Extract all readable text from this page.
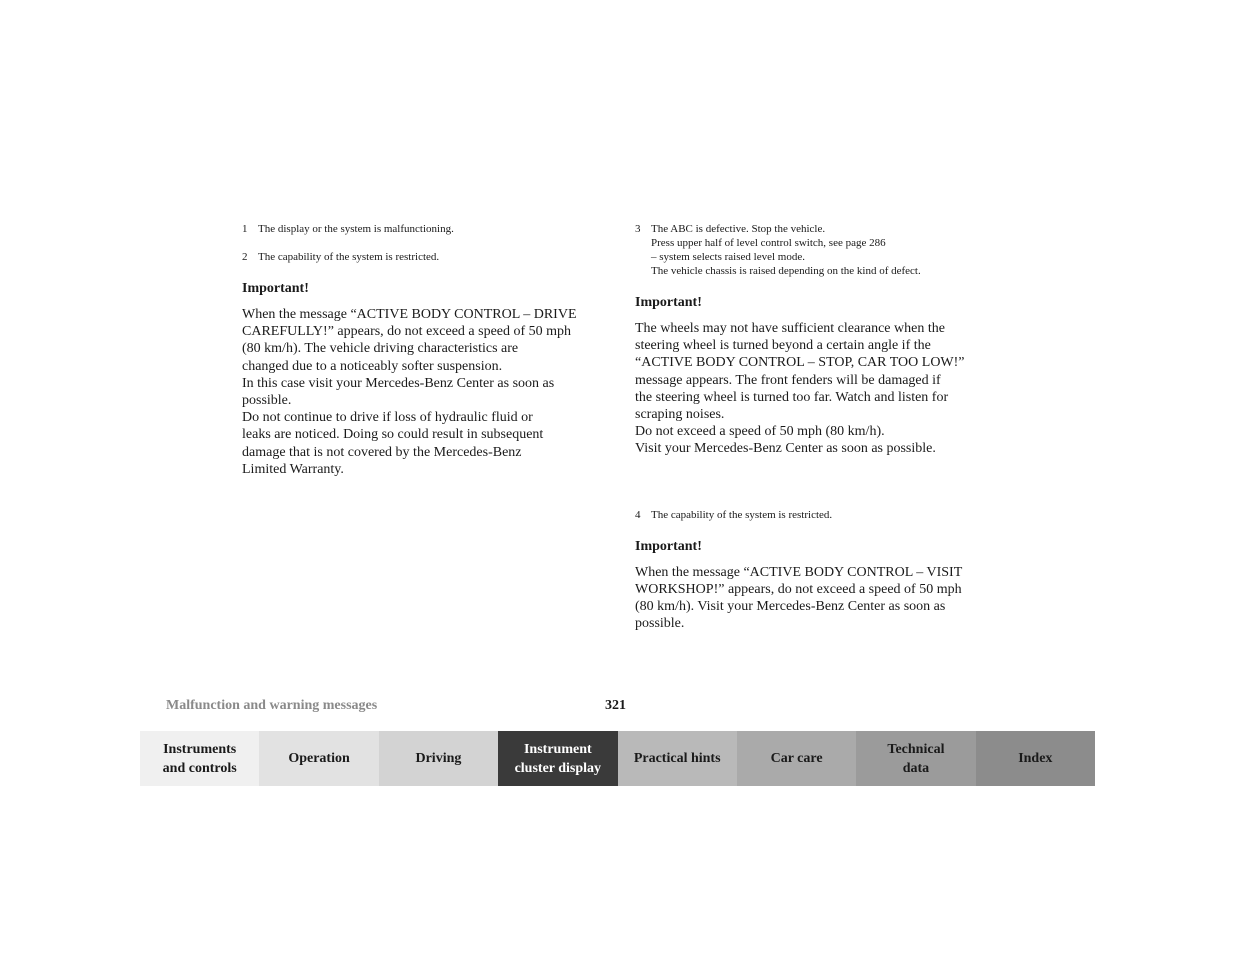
1 The display or the system is malfunctioning.
2 The capability of the system is restricted.
Important!
When the message “ACTIVE BODY CONTROL – DRIVE
CAREFULLY!” appears, do not exceed a speed of 50 mph
(80 km/h). The vehicle driving characteristics are
changed due to a noticeably softer suspension.
In this case visit your Mercedes-Benz Center as soon as
possible.
Do not continue to drive if loss of hydraulic fluid or
leaks are noticed. Doing so could result in subsequent
damage that is not covered by the Mercedes-Benz
Limited Warranty.
3 The ABC is defective. Stop the vehicle.
Press upper half of level control switch, see page 286
– system selects raised level mode.
The vehicle chassis is raised depending on the kind of defect.
Important!
The wheels may not have sufficient clearance when the
steering wheel is turned beyond a certain angle if the
“ACTIVE BODY CONTROL – STOP, CAR TOO LOW!”
message appears. The front fenders will be damaged if
the steering wheel is turned too far. Watch and listen for
scraping noises.
Do not exceed a speed of 50 mph (80 km/h).
Visit your Mercedes-Benz Center as soon as possible.
4 The capability of the system is restricted.
Important!
When the message “ACTIVE BODY CONTROL – VISIT
WORKSHOP!” appears, do not exceed a speed of 50 mph
(80 km/h). Visit your Mercedes-Benz Center as soon as
possible.
Malfunction and warning messages	321
Instruments
and controls
Operation	Driving
Instrument
cluster display
Practical hints	Car care
Technical
data
Index
